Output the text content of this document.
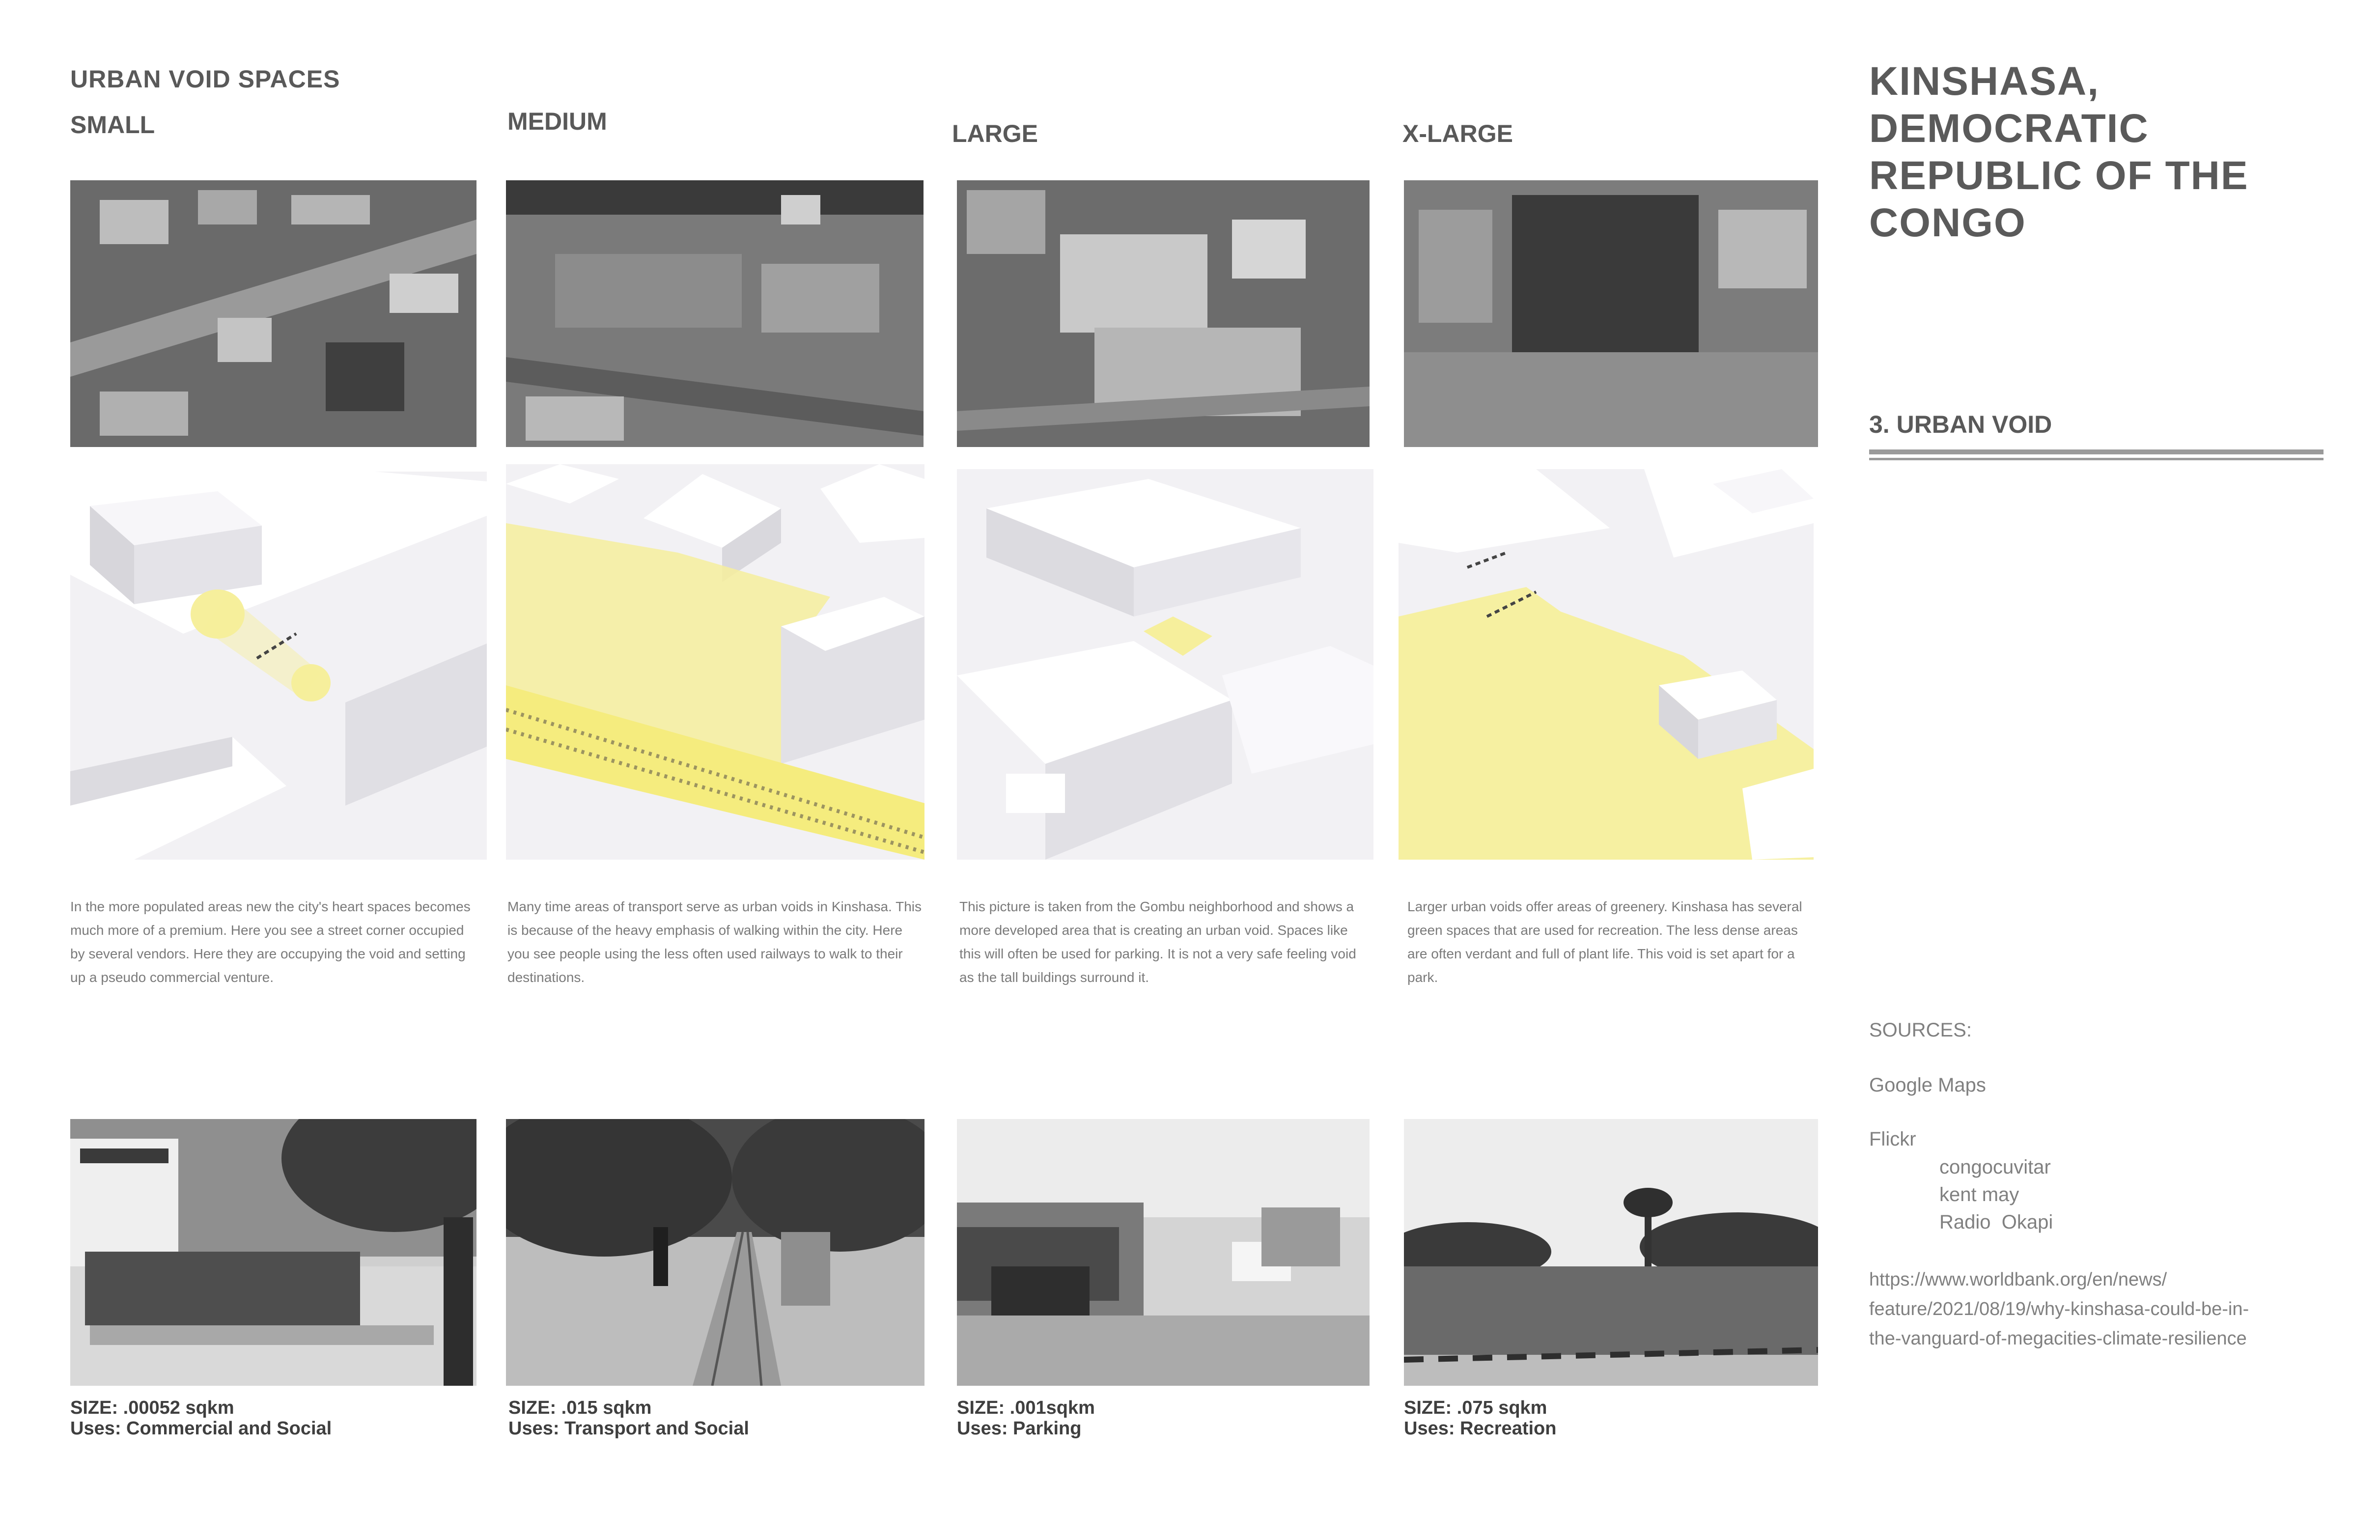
URBAN VOID SPACES
SMALL	MEDIUM	LARGE	X-LARGE
In the more populated areas new the city's heart spaces becomes much more of a premium. Here you see a street corner occupied by several vendors. Here they are occupying the void and setting up a pseudo commercial venture.
Many time areas of transport serve as urban voids in Kinshasa. This is because of the heavy emphasis of walking within the city. Here you see people using the less often used railways to walk to their destinations.
This picture is taken from the Gombu neighborhood and shows a more developed area that is creating an urban void. Spaces like this will often be used for parking. It is not a very safe feeling void as the tall buildings surround it.
Larger urban voids offer areas of greenery. Kinshasa has several green spaces that are used for recreation. The less dense areas are often verdant and full of plant life. This void is set apart for a park.
SIZE: .00052 sqkm
Uses: Commercial and Social
SIZE: .015 sqkm
Uses: Transport and Social
SIZE: .001sqkm
Uses: Parking
SIZE: .075 sqkm
Uses: Recreation
KINSHASA,
DEMOCRATIC
REPUBLIC OF THE
CONGO
3. URBAN VOID
SOURCES:
Google Maps
Flickr
congocuvitar
kent may
Radio  Okapi
https://www.worldbank.org/en/news/
feature/2021/08/19/why-kinshasa-could-be-in-
the-vanguard-of-megacities-climate-resilience
